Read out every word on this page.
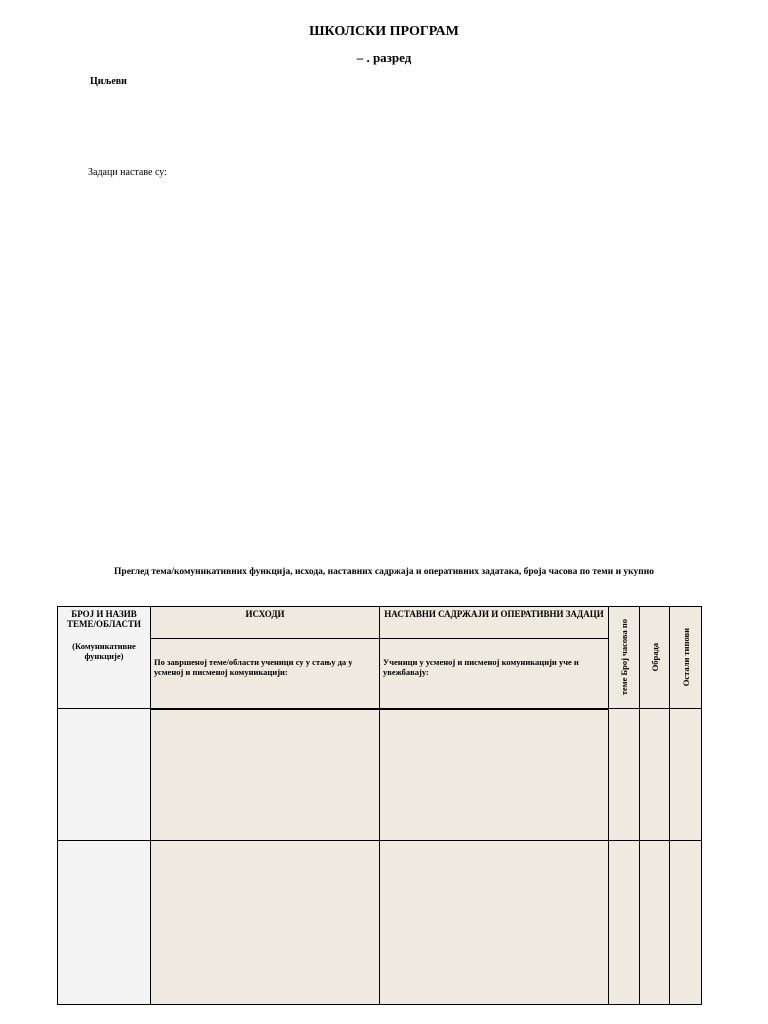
ШКОЛСКИ ПРОГРАМ
– . разред
Циљеви
Задаци наставе су:
Преглед тема/комуникативних функција, исхода, наставних садржаја и оперативних задатака, броја часова по теми и укупно
БРОЈ И НАЗИВ ТЕМЕ/ОБЛАСТИ
(Комуникативне функције)	ИСХОДИ	НАСТАВНИ САДРЖАЈИ И ОПЕРАТИВНИ ЗАДАЦИ	теме Број часова по	Обрада	Остали типови

	По завршеној теме/области ученици су у стању да у усменој и писменој комуникацији:	Ученици у усменој и писменој комуникацији уче и увежбавају:			
